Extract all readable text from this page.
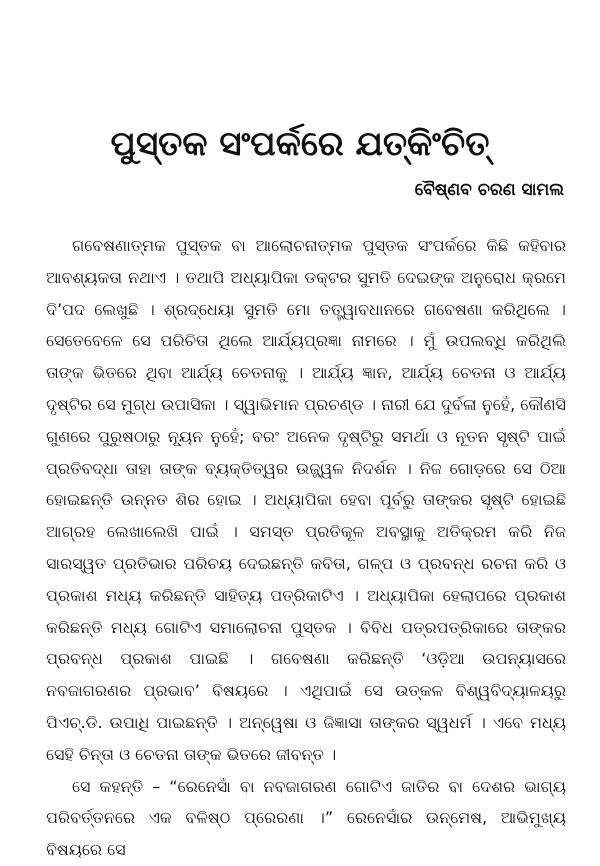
ପୁସ୍ତକ ସଂପର୍କରେ ଯତ୍‌କିଂଚିତ୍
ବୈଷ୍ଣବ ଚରଣ ସାମଲ

ଗବେଷଣାତ୍ମକ ପୁସ୍ତକ ବା ଆଲୋଚନାତ୍ମକ ପୁସ୍ତକ ସଂପର୍କରେ କିଛି କହିବାର ଆବଶ୍ୟକତା ନଥାଏ । ତଥାପି ଅଧ୍ୟାପିକା ଡକ୍‌ଟର ସୁମତି ଦେଇଙ୍କ ଅନୁରୋଧ କ୍ରମେ ଦି’ପଦ ଲେଖୁଛି । ଶ୍ରଦ୍ଧେୟା ସୁମତି ମୋ ତତ୍ତ୍ୱାବଧାନରେ ଗବେଷଣା କରିଥିଲେ । ସେତେବେଳେ ସେ ପରିଚିତା ଥିଲେ ଆର୍ଯ୍ୟପ୍ରଜ୍ଞା ନାମରେ । ମୁଁ ଉପଲବ୍ଧି କରିଥିଲି ତାଙ୍କ ଭିତରେ ଥିବା ଆର୍ଯ୍ୟ ଚେତନାକୁ । ଆର୍ଯ୍ୟ ଜ୍ଞାନ, ଆର୍ଯ୍ୟ ଚେତନା ଓ ଆର୍ଯ୍ୟ ଦୃଷ୍ଟିର ସେ ମୁଗ୍‌ଧ ଉପାସିକା । ସ୍ୱାଭିମାନ ପ୍ରଚଣ୍ଡ । ନାରୀ ଯେ ଦୁର୍ବଳା ନୁହେଁ, କୌଣସି ଗୁଣରେ ପୁରୁଷଠାରୁ ନ୍ୟୂନ ନୁହେଁ; ବରଂ ଅନେକ ଦୃଷ୍ଟିରୁ ସମର୍ଥା ଓ ନୂତନ ସୃଷ୍ଟି ପାଇଁ ପ୍ରତିବଦ୍ଧା ତାହା ତାଙ୍କ ବ୍ୟକ୍ତିତ୍ୱର ଉଜ୍ଜ୍ୱଳ ନିଦର୍ଶନ । ନିଜ ଗୋଡ଼ରେ ସେ ଠିଆ ହୋଇଛନ୍ତି ଉନ୍ନତ ଶିର ହୋଇ । ଅଧ୍ୟାପିକା ହେବା ପୂର୍ବରୁ ତାଙ୍କର ସୃଷ୍ଟି ହୋଇଛି ଆଗ୍ରହ ଲେଖାଲେଖି ପାଇଁ । ସମସ୍ତ ପ୍ରତିକୂଳ ଅବସ୍ଥାକୁ ଅତିକ୍ରମ କରି ନିଜ ସାରସ୍ୱତ ପ୍ରତିଭାର ପରିଚୟ ଦେଇଛନ୍ତି କବିତା, ଗଳ୍ପ ଓ ପ୍ରବନ୍ଧ ରଚନା କରି ଓ ପ୍ରକାଶ ମଧ୍ୟ କରିଛନ୍ତି ସାହିତ୍ୟ ପତ୍ରିକାଟିଏ । ଅଧ୍ୟାପିକା ହେଲାପରେ ପ୍ରକାଶ କରିଛନ୍ତି ମଧ୍ୟ ଗୋଟିଏ ସମାଲୋଚନା ପୁସ୍ତକ । ବିବିଧ ପତ୍ରପତ୍ରିକାରେ ତାଙ୍କର ପ୍ରବନ୍ଧ ପ୍ରକାଶ ପାଇଛି । ଗବେଷଣା କରିଛନ୍ତି ‘ଓଡ଼ିଆ ଉପନ୍ୟାସରେ ନବଜାଗରଣର ପ୍ରଭାବ’ ବିଷୟରେ । ଏଥିପାଇଁ ସେ ଉତ୍କଳ ବିଶ୍ୱବିଦ୍ୟାଳୟରୁ ପିଏଚ୍‌.ଡି. ଉପାଧି ପାଇଛନ୍ତି । ଅନ୍ୱେଷା ଓ ଜିଜ୍ଞାସା ତାଙ୍କର ସ୍ୱଧର୍ମ । ଏବେ ମଧ୍ୟ ସେହି ଚିନ୍ତା ଓ ଚେତନା ତାଙ୍କ ଭିତରେ ଜୀବନ୍ତ ।

ସେ କହନ୍ତି – “ରେନେସାଁ ବା ନବଜାଗରଣ ଗୋଟିଏ ଜାତିର ବା ଦେଶର ଭାଗ୍ୟ ପରିବର୍ତ୍ତନରେ ଏକ ବଳିଷ୍ଠ ପ୍ରେରଣା ।” ରେନେସାଁର ଉନ୍ମେଷ, ଆଭିମୁଖ୍ୟ ବିଷୟରେ ସେ
